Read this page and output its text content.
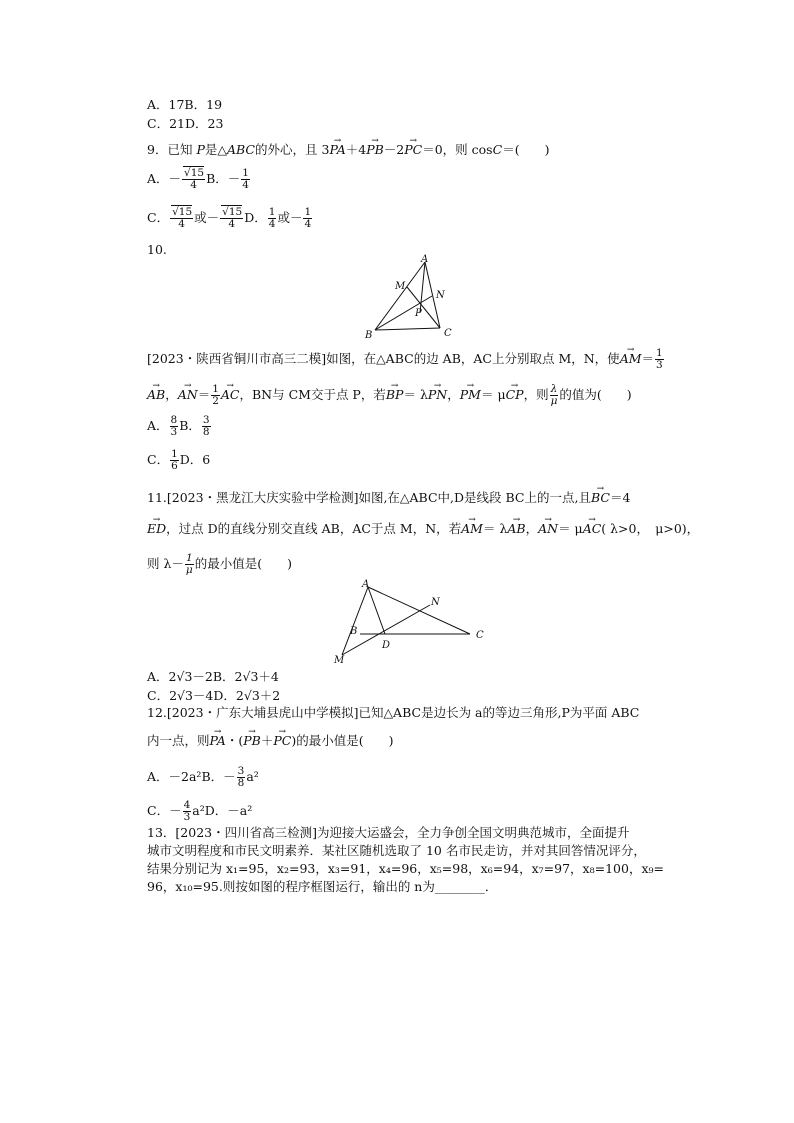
A．17B．19
C．21D．23
9．已知 P是△ABC的外心，且 3→ PA＋4→ PB－2→ PC＝0，则 cosC＝(　　)
A．－ $\frac{√15}{4}$ B．－ $\frac{1}{4}$
C． $\frac{√15}{4}$ 或－ $\frac{√15}{4}$ D． $\frac{1}{4}$ 或－ $\frac{1}{4}$
10.
A
M
N
P
B	C
[2023・陕西省铜川市高三二模]如图，在△ABC的边 AB，AC上分别取点 M，N，使→ $AM= \frac{1}{3}$
→ AB，→ $AN= \frac{1}{2}$
→ AC，BN与 CM交于点 P，若→ BP＝ λ→ PN，→ PM＝ μ→ CP，则 $\frac{\lambda}{\mu}$ 的值为(　　)
A． $\frac{8}{3}$ B． $\frac{3}{8}$
C． $\frac{1}{6}$ D．6
11.[2023・黑龙江大庆实验中学检测]如图,在△ABC中,D是线段 BC上的一点,且→ BC＝4
→ ED，过点 D的直线分别交直线 AB，AC于点 M，N，若→ AM＝ λ→ AB，→ AN＝ μ→ AC( λ>0，　μ>0)，
则 $\lambda- \frac{1}{\mu}$ 的最小值是(　　)
A
N
B
D
C
M
A．2√3－2B．2√3＋4
C．2√3－4D．2√3＋2
12.[2023・广东大埔县虎山中学模拟]已知△ABC是边长为 a的等边三角形,P为平面 ABC
内一点，则→ PA・(→ PB＋→ PC)的最小值是(　　)
A．－2a²B．－ $\frac{3}{8} a^2$
C．－ $\frac{4}{3} a^2D$．－a²
13．[2023・四川省高三检测]为迎接大运盛会，全力争创全国文明典范城市，全面提升
城市文明程度和市民文明素养．某社区随机选取了 10 名市民走访，并对其回答情况评分，
结果分别记为 x₁=95，x₂=93，x₃=91，x₄=96，x₅=98，x₆=94，x₇=97，x₈=100，x₉=
96，x₁₀=95.则按如图的程序框图运行，输出的 n为________．
